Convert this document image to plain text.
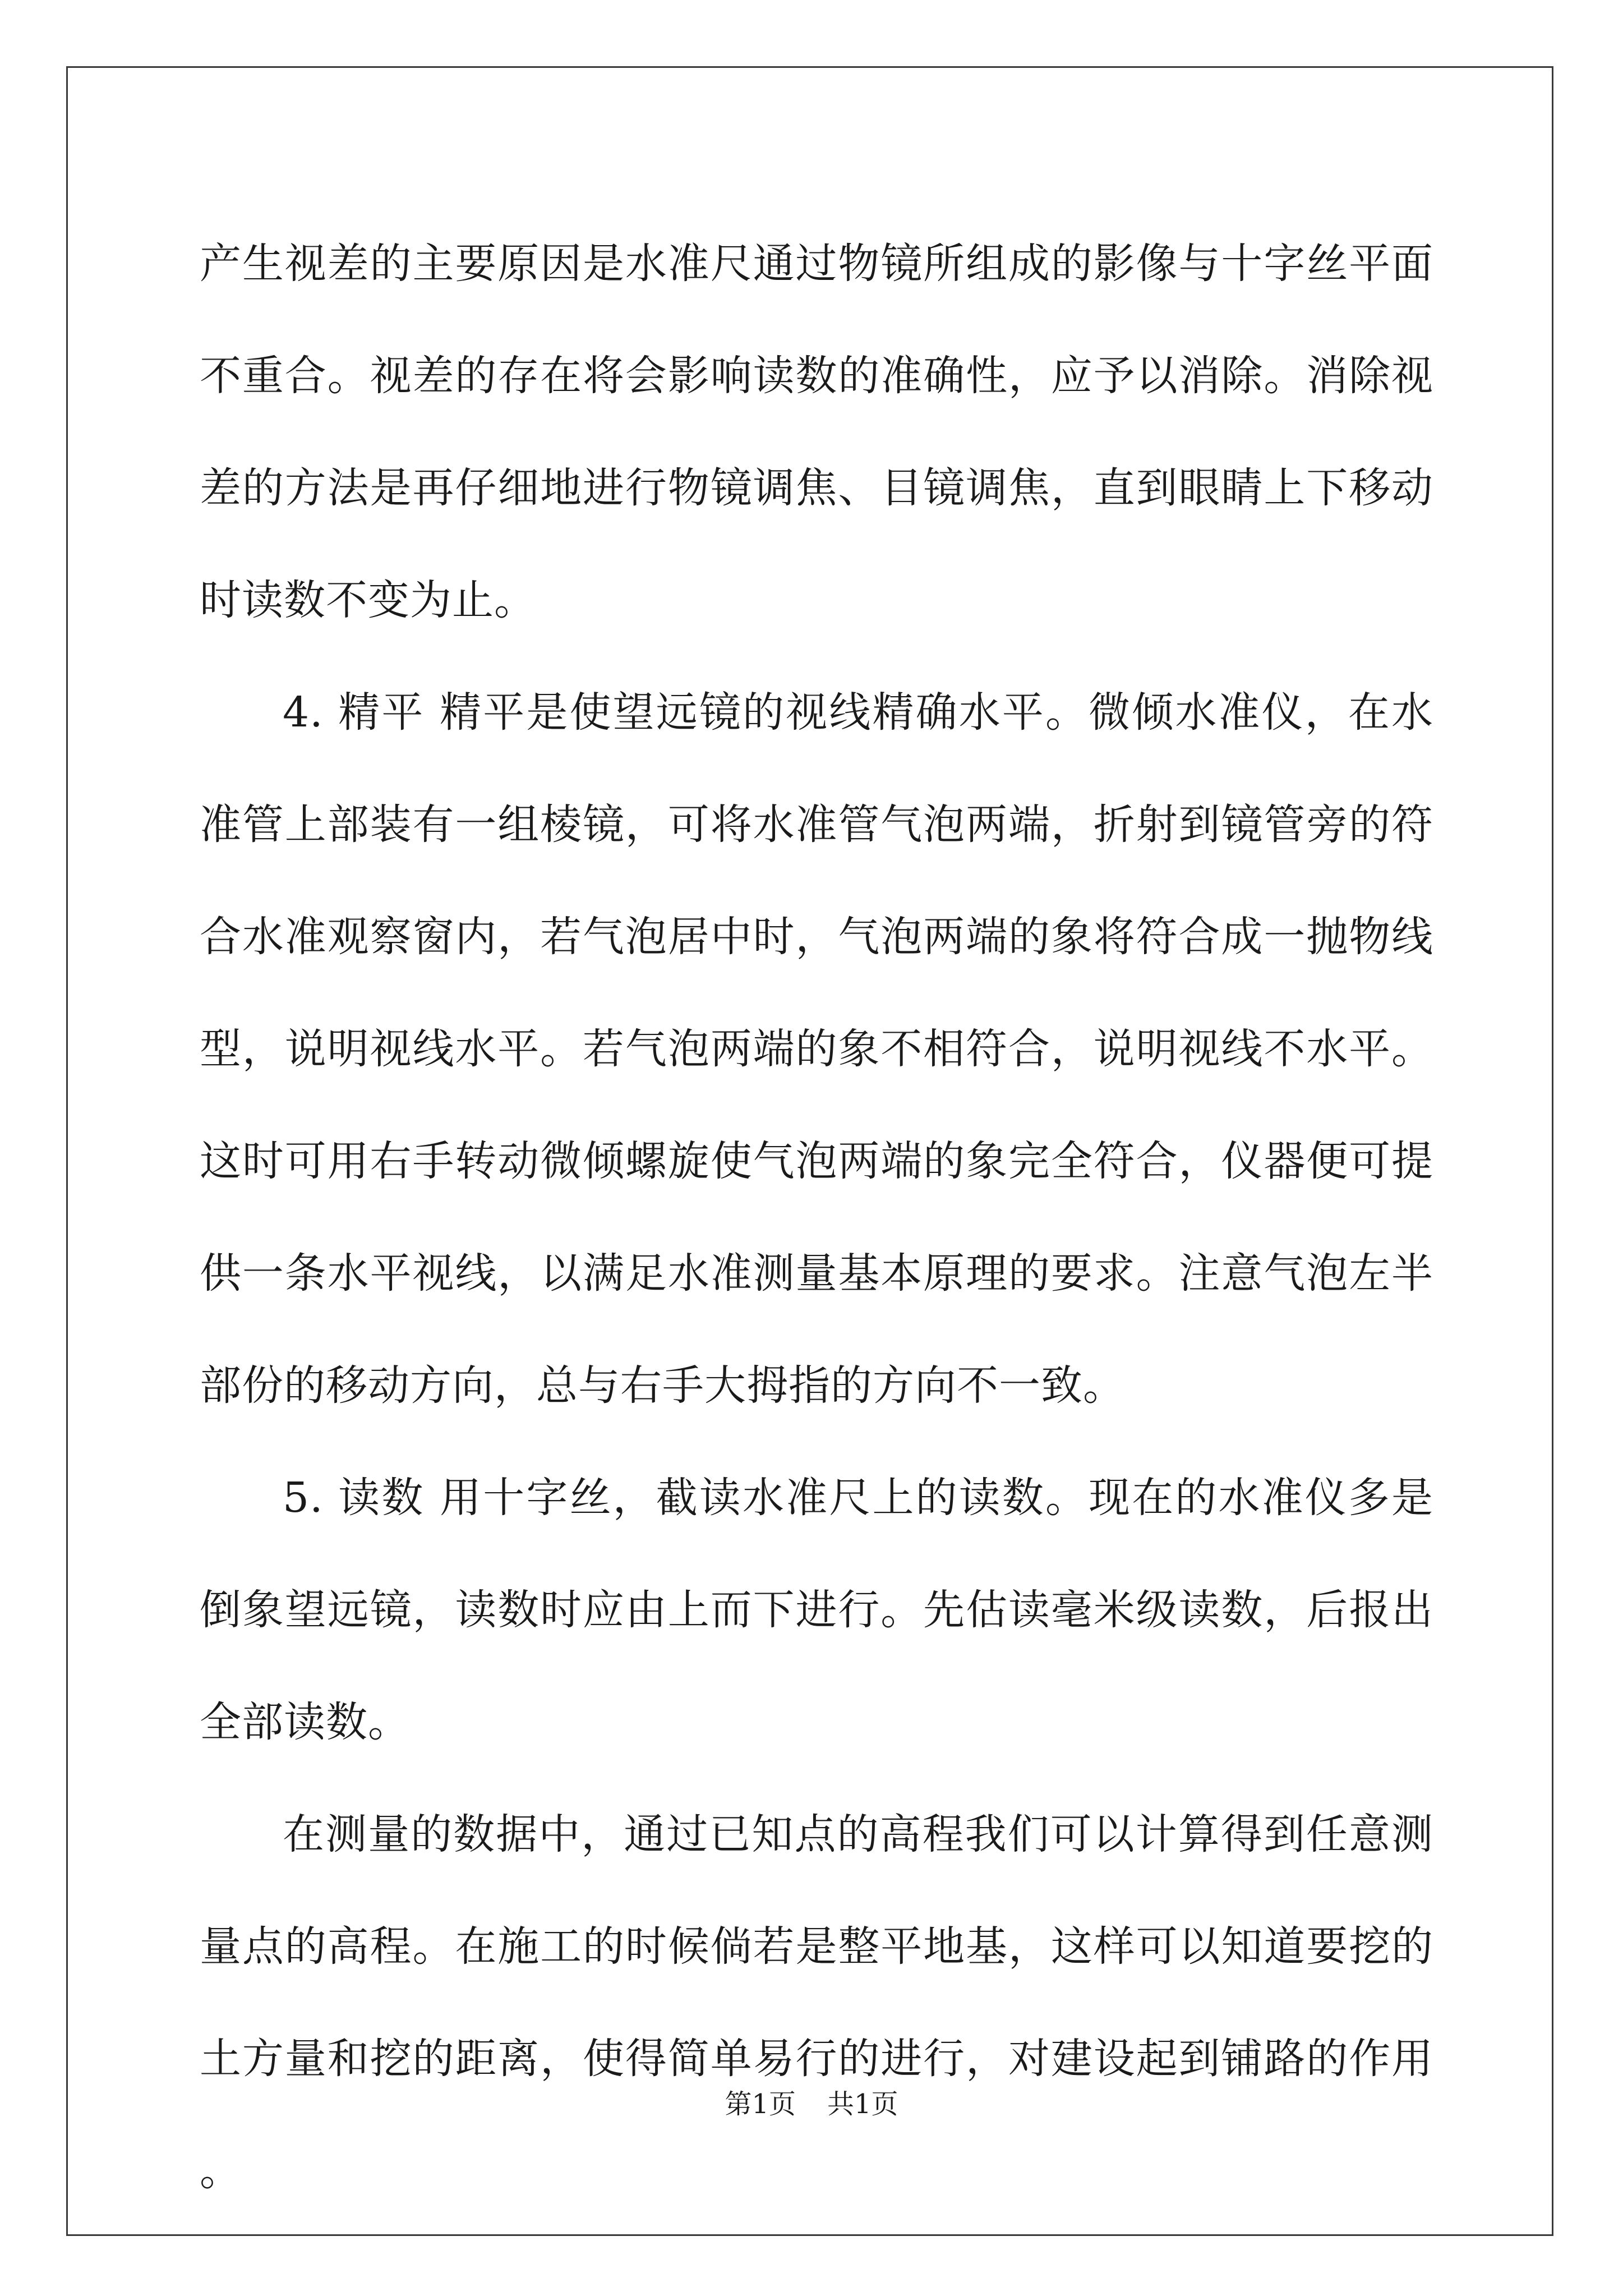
产生视差的主要原因是水准尺通过物镜所组成的影像与十字丝平面不重合。视差的存在将会影响读数的准确性，应予以消除。消除视差的方法是再仔细地进行物镜调焦、目镜调焦，直到眼睛上下移动时读数不变为止。

4. 精平 精平是使望远镜的视线精确水平。微倾水准仪，在水准管上部装有一组棱镜，可将水准管气泡两端，折射到镜管旁的符合水准观察窗内，若气泡居中时，气泡两端的象将符合成一抛物线型，说明视线水平。若气泡两端的象不相符合，说明视线不水平。这时可用右手转动微倾螺旋使气泡两端的象完全符合，仪器便可提供一条水平视线，以满足水准测量基本原理的要求。注意气泡左半部份的移动方向，总与右手大拇指的方向不一致。

5. 读数 用十字丝，截读水准尺上的读数。现在的水准仪多是倒象望远镜，读数时应由上而下进行。先估读毫米级读数，后报出全部读数。

在测量的数据中，通过已知点的高程我们可以计算得到任意测量点的高程。在施工的时候倘若是整平地基，这样可以知道要挖的土方量和挖的距离，使得简单易行的进行，对建设起到铺路的作用。

第1页 共1页
